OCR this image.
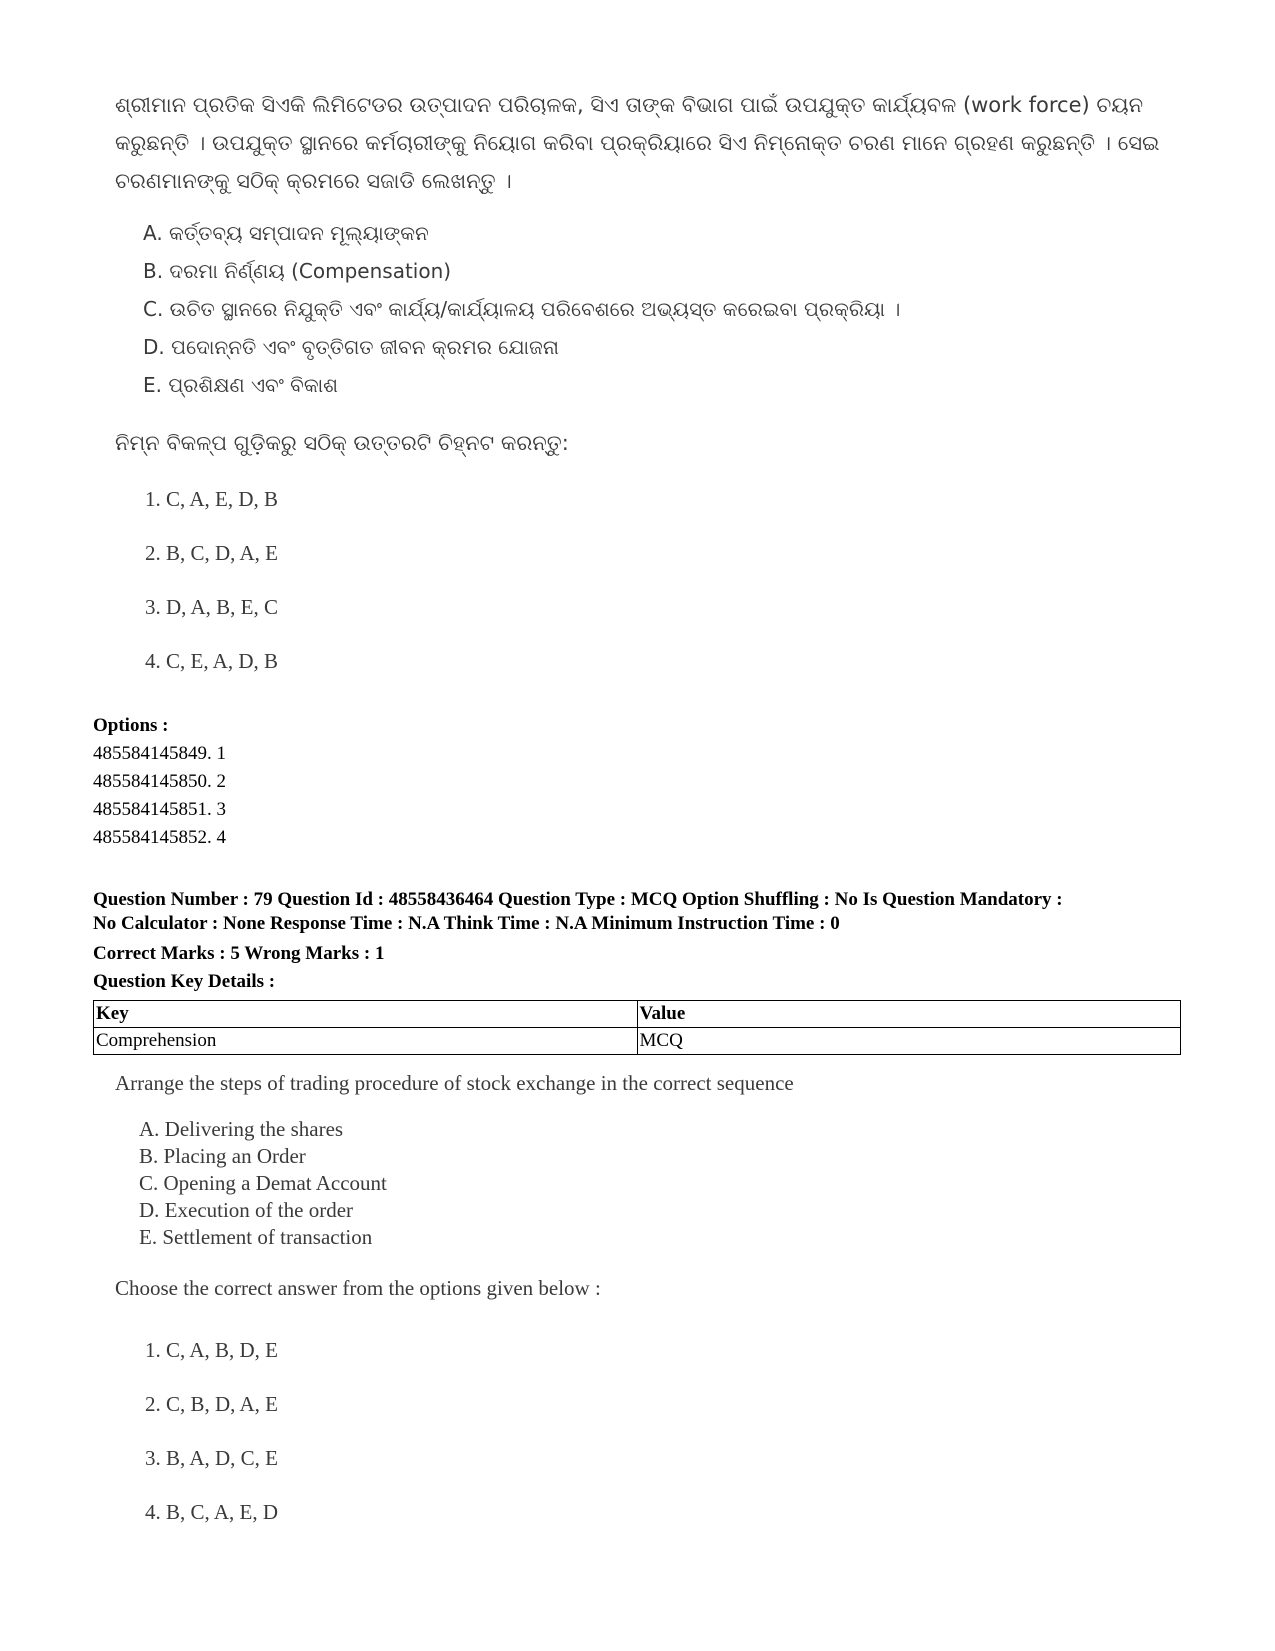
ଶ୍ରୀମାନ ପ୍ରତିକ ସିଏକି ଲିମିଟେଡର ଉତ୍ପାଦନ ପରିଚାଳକ, ସିଏ ତାଙ୍କ ବିଭାଗ ପାଇଁ ଉପଯୁକ୍ତ କାର୍ଯ୍ୟବଳ (work force) ଚୟନ କରୁଛନ୍ତି । ଉପଯୁକ୍ତ ସ୍ଥାନରେ କର୍ମଚାରୀଙ୍କୁ ନିୟୋଗ କରିବା ପ୍ରକ୍ରିୟାରେ ସିଏ ନିମ୍ନୋକ୍ତ ଚରଣ ମାନେ ଗ୍ରହଣ କରୁଛନ୍ତି । ସେଇ ଚରଣମାନଙ୍କୁ ସଠିକ୍ କ୍ରମରେ ସଜାଡି ଲେଖନ୍ତୁ ।

A. କର୍ତ୍ତବ୍ୟ ସମ୍ପାଦନ ମୂଲ୍ୟାଙ୍କନ

B. ଦରମା ନିର୍ଣ୍ଣୟ (Compensation)

C. ଉଚିତ ସ୍ଥାନରେ ନିଯୁକ୍ତି ଏବଂ କାର୍ଯ୍ୟ/କାର୍ଯ୍ୟାଳୟ ପରିବେଶରେ ଅଭ୍ୟସ୍ତ କରେଇବା ପ୍ରକ୍ରିୟା ।

D. ପଦୋନ୍ନତି ଏବଂ ବୃତ୍ତିଗତ ଜୀବନ କ୍ରମର ଯୋଜନା

E. ପ୍ରଶିକ୍ଷଣ ଏବଂ ବିକାଶ

ନିମ୍ନ ବିକଳ୍ପ ଗୁଡ଼ିକରୁ ସଠିକ୍ ଉତ୍ତରଟି ଚିହ୍ନଟ କରନ୍ତୁ:

1. C, A, E, D, B

2. B, C, D, A, E

3. D, A, B, E, C

4. C, E, A, D, B

Options :
485584145849. 1
485584145850. 2
485584145851. 3
485584145852. 4
Question Number : 79 Question Id : 48558436464 Question Type : MCQ Option Shuffling : No Is Question Mandatory :
No Calculator : None Response Time : N.A Think Time : N.A Minimum Instruction Time : 0
Correct Marks : 5 Wrong Marks : 1
Question Key Details :
Key	Value
Comprehension	MCQ

Arrange the steps of trading procedure of stock exchange in the correct sequence

A. Delivering the shares

B. Placing an Order

C. Opening a Demat Account

D. Execution of the order

E. Settlement of transaction

Choose the correct answer from the options given below :

1. C, A, B, D, E

2. C, B, D, A, E

3. B, A, D, C, E

4. B, C, A, E, D
